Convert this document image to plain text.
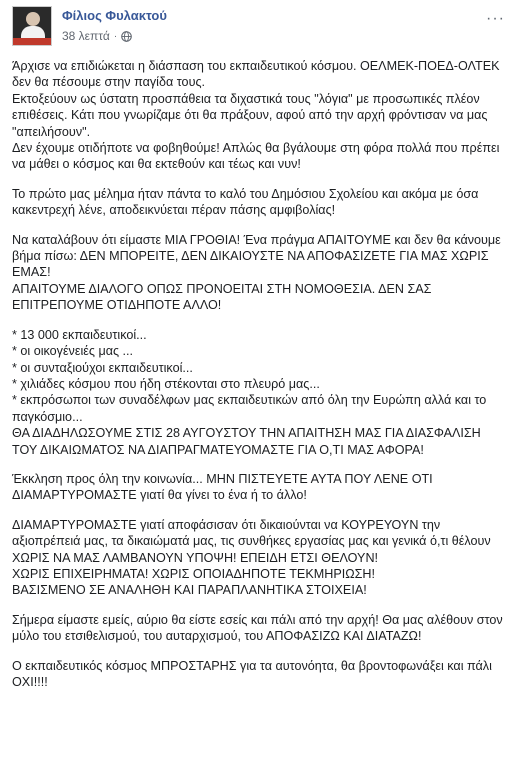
Φίλιος Φυλακτού
38 λεπτά ·
···

Άρχισε να επιδιώκεται η διάσπαση του εκπαιδευτικού κόσμου. ΟΕΛΜΕΚ-ΠΟΕΔ-ΟΛΤΕΚ δεν θα πέσουμε στην παγίδα τους.
Εκτοξεύουν ως ύστατη προσπάθεια τα διχαστικά τους "λόγια" με προσωπικές πλέον επιθέσεις. Κάτι που γνωρίζαμε ότι θα πράξουν, αφού από την αρχή φρόντισαν να μας "απειλήσουν".
Δεν έχουμε οτιδήποτε να φοβηθούμε! Απλώς θα βγάλουμε στη φόρα πολλά που πρέπει να μάθει ο κόσμος και θα εκτεθούν και τέως και νυν!

Το πρώτο μας μέλημα ήταν πάντα το καλό του Δημόσιου Σχολείου και ακόμα με όσα κακεντρεχή λένε, αποδεικνύεται πέραν πάσης αμφιβολίας!

Να καταλάβουν ότι είμαστε ΜΙΑ ΓΡΟΘΙΑ! Ένα πράγμα ΑΠΑΙΤΟΥΜΕ και δεν θα κάνουμε βήμα πίσω: ΔΕΝ ΜΠΟΡΕΙΤΕ, ΔΕΝ ΔΙΚΑΙΟΥΣΤΕ ΝΑ ΑΠΟΦΑΣΙΖΕΤΕ ΓΙΑ ΜΑΣ ΧΩΡΙΣ ΕΜΑΣ!
ΑΠΑΙΤΟΥΜΕ ΔΙΑΛΟΓΟ ΟΠΩΣ ΠΡΟΝΟΕΙΤΑΙ ΣΤΗ ΝΟΜΟΘΕΣΙΑ. ΔΕΝ ΣΑΣ ΕΠΙΤΡΕΠΟΥΜΕ ΟΤΙΔΗΠΟΤΕ ΑΛΛΟ!

* 13 000 εκπαιδευτικοί...
* οι οικογένειές μας ...
* οι συνταξιούχοι εκπαιδευτικοί...
* χιλιάδες κόσμου που ήδη στέκονται στο πλευρό μας...
* εκπρόσωποι των συναδέλφων μας εκπαιδευτικών από όλη την Ευρώπη αλλά και το παγκόσμιο...
ΘΑ ΔΙΑΔΗΛΩΣΟΥΜΕ ΣΤΙΣ 28 ΑΥΓΟΥΣΤΟΥ ΤΗΝ ΑΠΑΙΤΗΣΗ ΜΑΣ ΓΙΑ ΔΙΑΣΦΑΛΙΣΗ ΤΟΥ ΔΙΚΑΙΩΜΑΤΟΣ ΝΑ ΔΙΑΠΡΑΓΜΑΤΕΥΟΜΑΣΤΕ ΓΙΑ Ο,ΤΙ ΜΑΣ ΑΦΟΡΑ!

Έκκληση προς όλη την κοινωνία... ΜΗΝ ΠΙΣΤΕΥΕΤΕ ΑΥΤΑ ΠΟΥ ΛΕΝΕ ΟΤΙ ΔΙΑΜΑΡΤΥΡΟΜΑΣΤΕ γιατί θα γίνει το ένα ή το άλλο!

ΔΙΑΜΑΡΤΥΡΟΜΑΣΤΕ γιατί αποφάσισαν ότι δικαιούνται να ΚΟΥΡΕΥΟΥΝ την αξιοπρέπειά μας, τα δικαιώματά μας, τις συνθήκες εργασίας μας και γενικά ό,τι θέλουν ΧΩΡΙΣ ΝΑ ΜΑΣ ΛΑΜΒΑΝΟΥΝ ΥΠΟΨΗ! ΕΠΕΙΔΗ ΕΤΣΙ ΘΕΛΟΥΝ!
ΧΩΡΙΣ ΕΠΙΧΕΙΡΗΜΑΤΑ! ΧΩΡΙΣ ΟΠΟΙΑΔΗΠΟΤΕ ΤΕΚΜΗΡΙΩΣΗ!
ΒΑΣΙΣΜΕΝΟ ΣΕ ΑΝΑΛΗΘΗ ΚΑΙ ΠΑΡΑΠΛΑΝΗΤΙΚΑ ΣΤΟΙΧΕΙΑ!

Σήμερα είμαστε εμείς, αύριο θα είστε εσείς και πάλι από την αρχή! Θα μας αλέθουν στον μύλο του ετσιθελισμού, του αυταρχισμού, του ΑΠΟΦΑΣΙΖΩ ΚΑΙ ΔΙΑΤΑΖΩ!

Ο εκπαιδευτικός κόσμος ΜΠΡΟΣΤΑΡΗΣ για τα αυτονόητα, θα βροντοφωνάξει και πάλι ΟΧΙ!!!!
